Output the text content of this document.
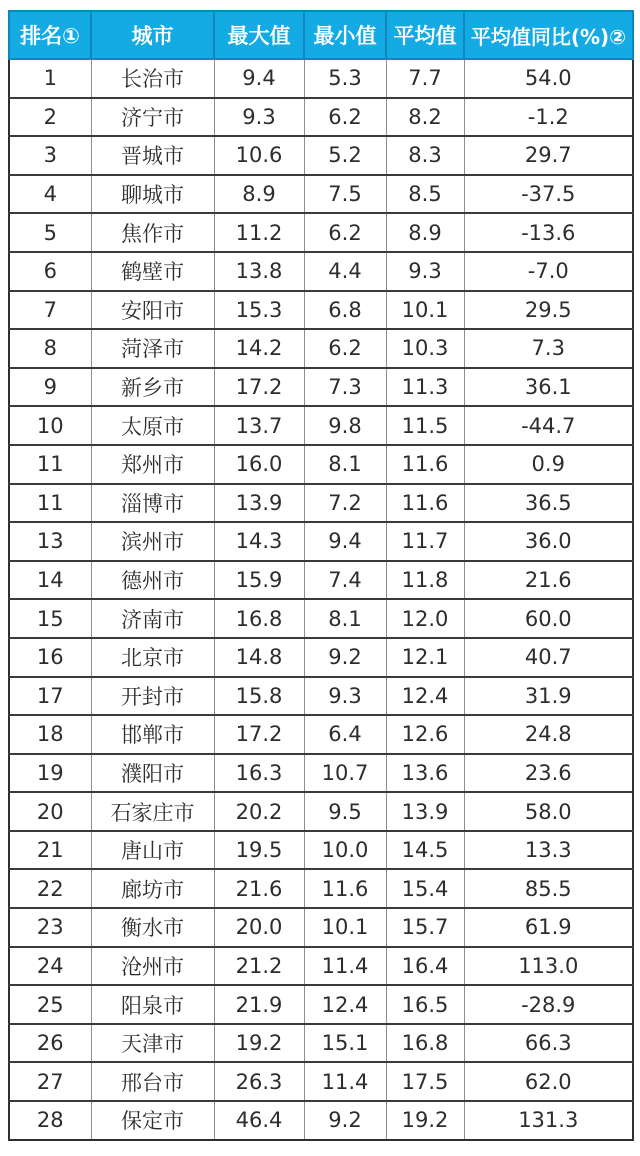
排名①	城市	最大值	最小值	平均值	平均值同比(%)②
1	长治市	9.4	5.3	7.7	54.0
2	济宁市	9.3	6.2	8.2	-1.2
3	晋城市	10.6	5.2	8.3	29.7
4	聊城市	8.9	7.5	8.5	-37.5
5	焦作市	11.2	6.2	8.9	-13.6
6	鹤壁市	13.8	4.4	9.3	-7.0
7	安阳市	15.3	6.8	10.1	29.5
8	菏泽市	14.2	6.2	10.3	7.3
9	新乡市	17.2	7.3	11.3	36.1
10	太原市	13.7	9.8	11.5	-44.7
11	郑州市	16.0	8.1	11.6	0.9
11	淄博市	13.9	7.2	11.6	36.5
13	滨州市	14.3	9.4	11.7	36.0
14	德州市	15.9	7.4	11.8	21.6
15	济南市	16.8	8.1	12.0	60.0
16	北京市	14.8	9.2	12.1	40.7
17	开封市	15.8	9.3	12.4	31.9
18	邯郸市	17.2	6.4	12.6	24.8
19	濮阳市	16.3	10.7	13.6	23.6
20	石家庄市	20.2	9.5	13.9	58.0
21	唐山市	19.5	10.0	14.5	13.3
22	廊坊市	21.6	11.6	15.4	85.5
23	衡水市	20.0	10.1	15.7	61.9
24	沧州市	21.2	11.4	16.4	113.0
25	阳泉市	21.9	12.4	16.5	-28.9
26	天津市	19.2	15.1	16.8	66.3
27	邢台市	26.3	11.4	17.5	62.0
28	保定市	46.4	9.2	19.2	131.3
